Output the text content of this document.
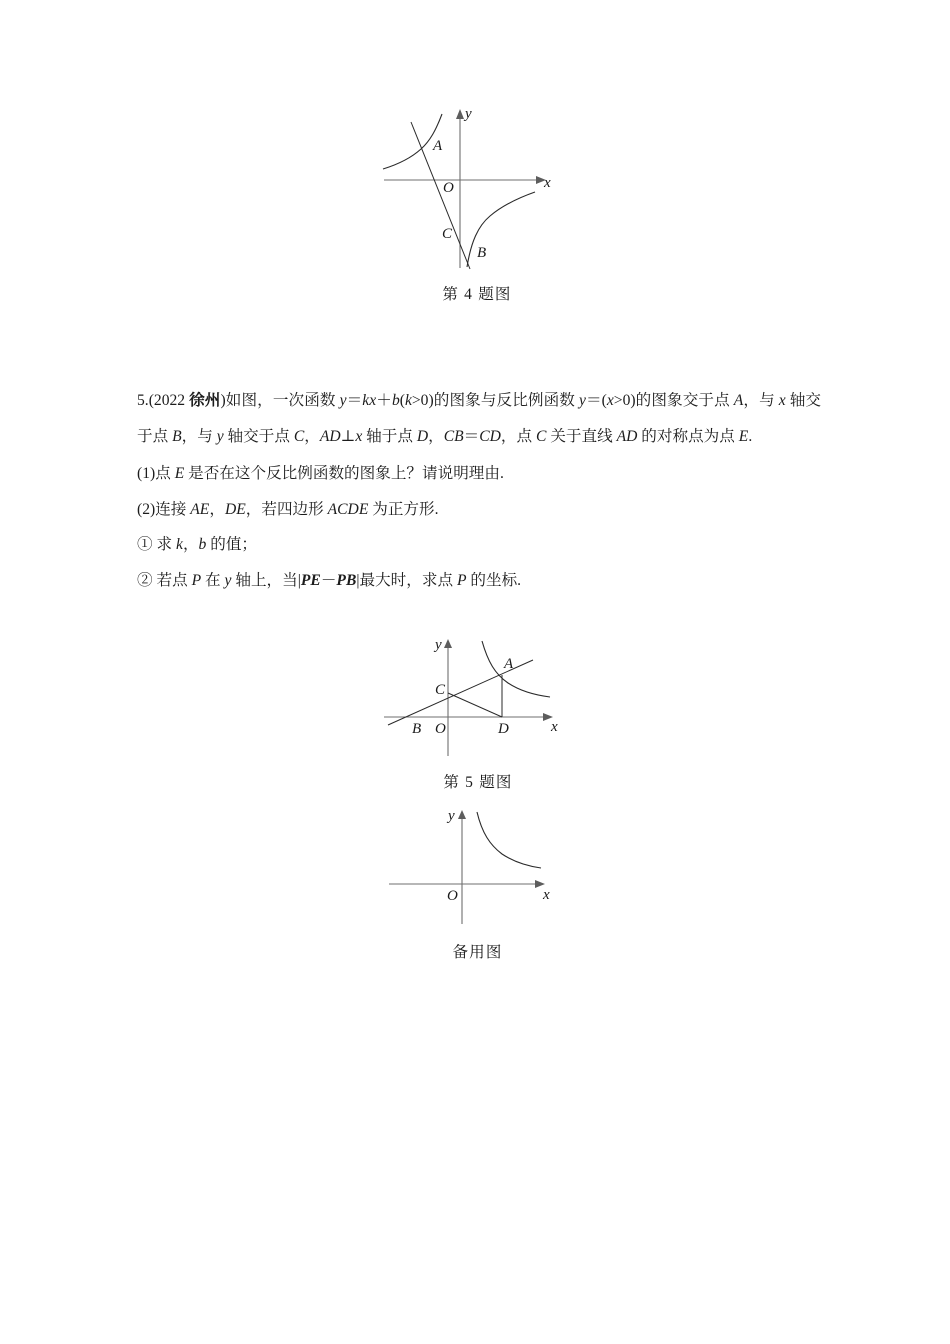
A
O	x
y
C
B
第 4 题图
5.(2022 徐州)如图，一次函数 y＝kx＋b(k>0)的图象与反比例函数 y＝(x>0)的图象交于点 A，与 x 轴交于点 B，与 y 轴交于点 C，AD⊥x 轴于点 D，CB＝CD，点 C 关于直线 AD 的对称点为点 E.
(1)点 E 是否在这个反比例函数的图象上？请说明理由.
(2)连接 AE，DE，若四边形 ACDE 为正方形.
① 求 k，b 的值；
② 若点 P 在 y 轴上，当|PE－PB|最大时，求点 P 的坐标.
A
C
B	D
O	x
y
第 5 题图
O	x
y
备用图
